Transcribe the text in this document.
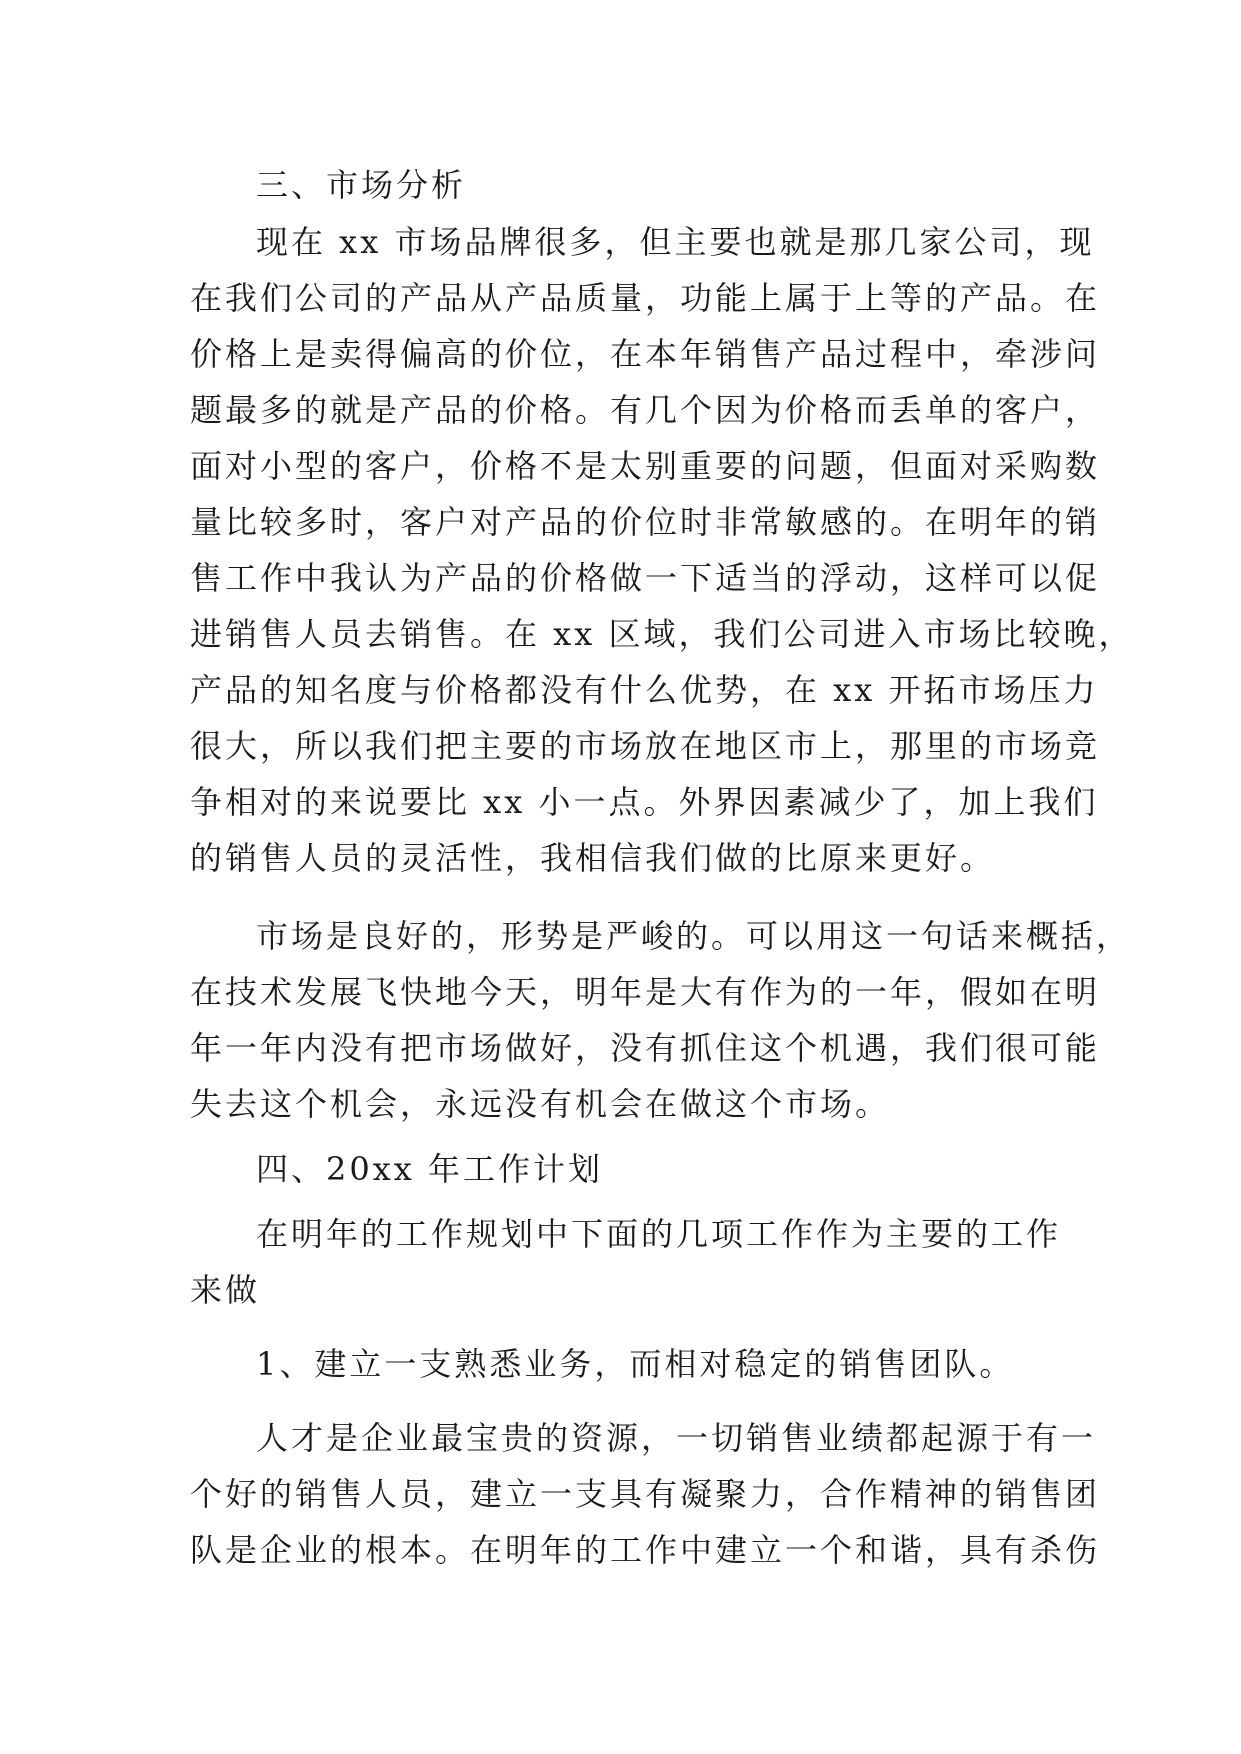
三、市场分析

现在 xx 市场品牌很多，但主要也就是那几家公司，现

在我们公司的产品从产品质量，功能上属于上等的产品。在

价格上是卖得偏高的价位，在本年销售产品过程中，牵涉问

题最多的就是产品的价格。有几个因为价格而丢单的客户，

面对小型的客户，价格不是太别重要的问题，但面对采购数

量比较多时，客户对产品的价位时非常敏感的。在明年的销

售工作中我认为产品的价格做一下适当的浮动，这样可以促

进销售人员去销售。在 xx 区域，我们公司进入市场比较晚，

产品的知名度与价格都没有什么优势，在 xx 开拓市场压力

很大，所以我们把主要的市场放在地区市上，那里的市场竞

争相对的来说要比 xx 小一点。外界因素减少了，加上我们

的销售人员的灵活性，我相信我们做的比原来更好。

市场是良好的，形势是严峻的。可以用这一句话来概括，

在技术发展飞快地今天，明年是大有作为的一年，假如在明

年一年内没有把市场做好，没有抓住这个机遇，我们很可能

失去这个机会，永远没有机会在做这个市场。

四、20xx 年工作计划

在明年的工作规划中下面的几项工作作为主要的工作

来做

1、建立一支熟悉业务，而相对稳定的销售团队。

人才是企业最宝贵的资源，一切销售业绩都起源于有一

个好的销售人员，建立一支具有凝聚力，合作精神的销售团

队是企业的根本。在明年的工作中建立一个和谐，具有杀伤
